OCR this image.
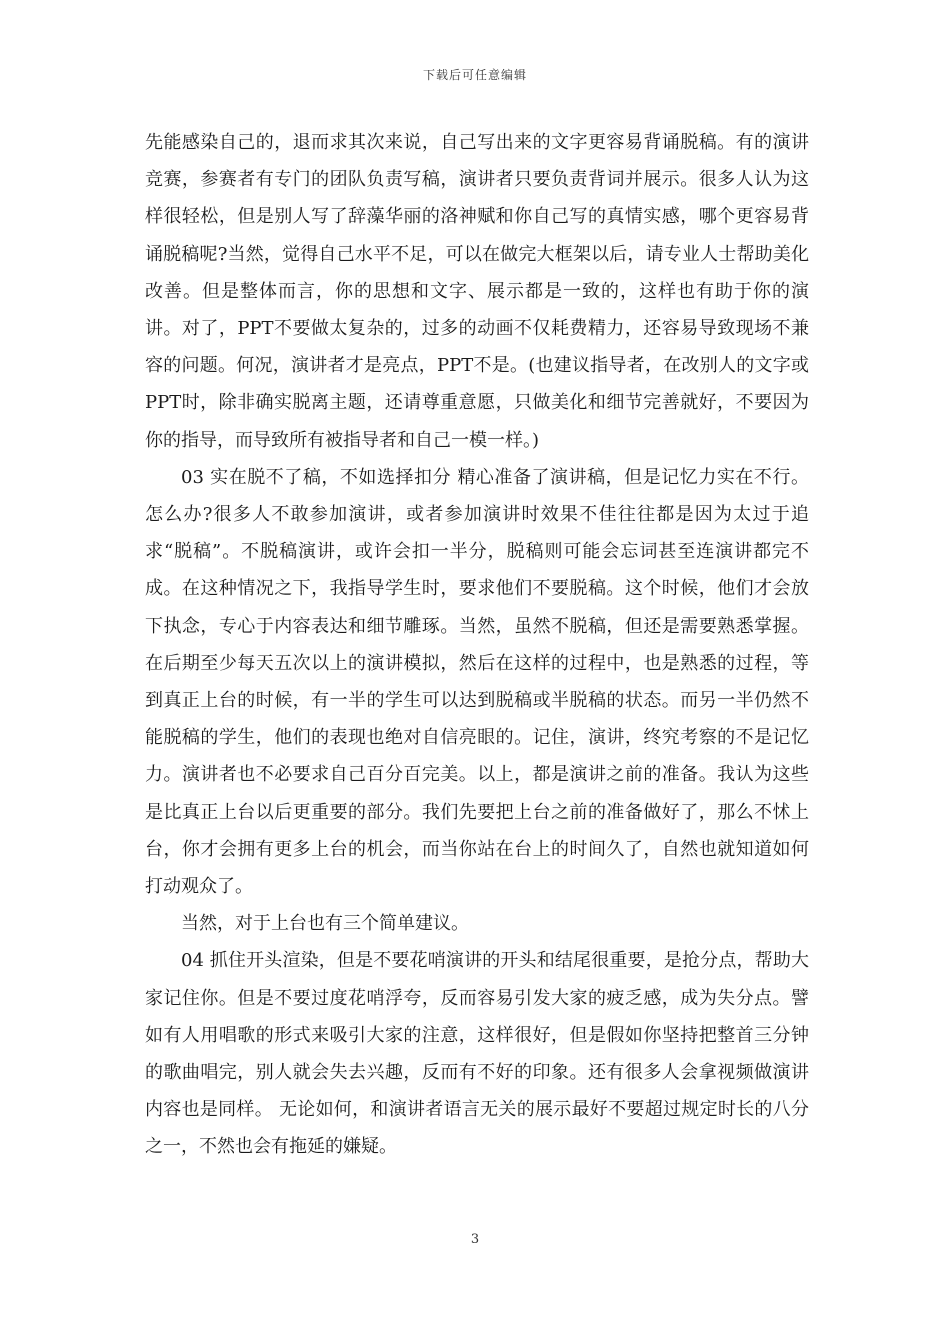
下载后可任意编辑

先能感染自己的，退而求其次来说，自己写出来的文字更容易背诵脱稿。有的演讲竞赛，参赛者有专门的团队负责写稿，演讲者只要负责背词并展示。很多人认为这样很轻松，但是别人写了辞藻华丽的洛神赋和你自己写的真情实感，哪个更容易背诵脱稿呢?当然，觉得自己水平不足，可以在做完大框架以后，请专业人士帮助美化改善。但是整体而言，你的思想和文字、展示都是一致的，这样也有助于你的演讲。对了，PPT不要做太复杂的，过多的动画不仅耗费精力，还容易导致现场不兼容的问题。何况，演讲者才是亮点，PPT不是。(也建议指导者，在改别人的文字或PPT时，除非确实脱离主题，还请尊重意愿，只做美化和细节完善就好，不要因为你的指导，而导致所有被指导者和自己一模一样。)

03 实在脱不了稿，不如选择扣分 精心准备了演讲稿，但是记忆力实在不行。怎么办?很多人不敢参加演讲，或者参加演讲时效果不佳往往都是因为太过于追求“脱稿”。不脱稿演讲，或许会扣一半分，脱稿则可能会忘词甚至连演讲都完不成。在这种情况之下，我指导学生时，要求他们不要脱稿。这个时候，他们才会放下执念，专心于内容表达和细节雕琢。当然，虽然不脱稿，但还是需要熟悉掌握。在后期至少每天五次以上的演讲模拟，然后在这样的过程中，也是熟悉的过程，等到真正上台的时候，有一半的学生可以达到脱稿或半脱稿的状态。而另一半仍然不能脱稿的学生，他们的表现也绝对自信亮眼的。记住，演讲，终究考察的不是记忆力。演讲者也不必要求自己百分百完美。以上，都是演讲之前的准备。我认为这些是比真正上台以后更重要的部分。我们先要把上台之前的准备做好了，那么不怵上台，你才会拥有更多上台的机会，而当你站在台上的时间久了，自然也就知道如何打动观众了。

当然，对于上台也有三个简单建议。

04 抓住开头渲染，但是不要花哨演讲的开头和结尾很重要，是抢分点，帮助大家记住你。但是不要过度花哨浮夸，反而容易引发大家的疲乏感，成为失分点。譬如有人用唱歌的形式来吸引大家的注意，这样很好，但是假如你坚持把整首三分钟的歌曲唱完，别人就会失去兴趣，反而有不好的印象。还有很多人会拿视频做演讲内容也是同样。 无论如何，和演讲者语言无关的展示最好不要超过规定时长的八分之一，不然也会有拖延的嫌疑。

3
